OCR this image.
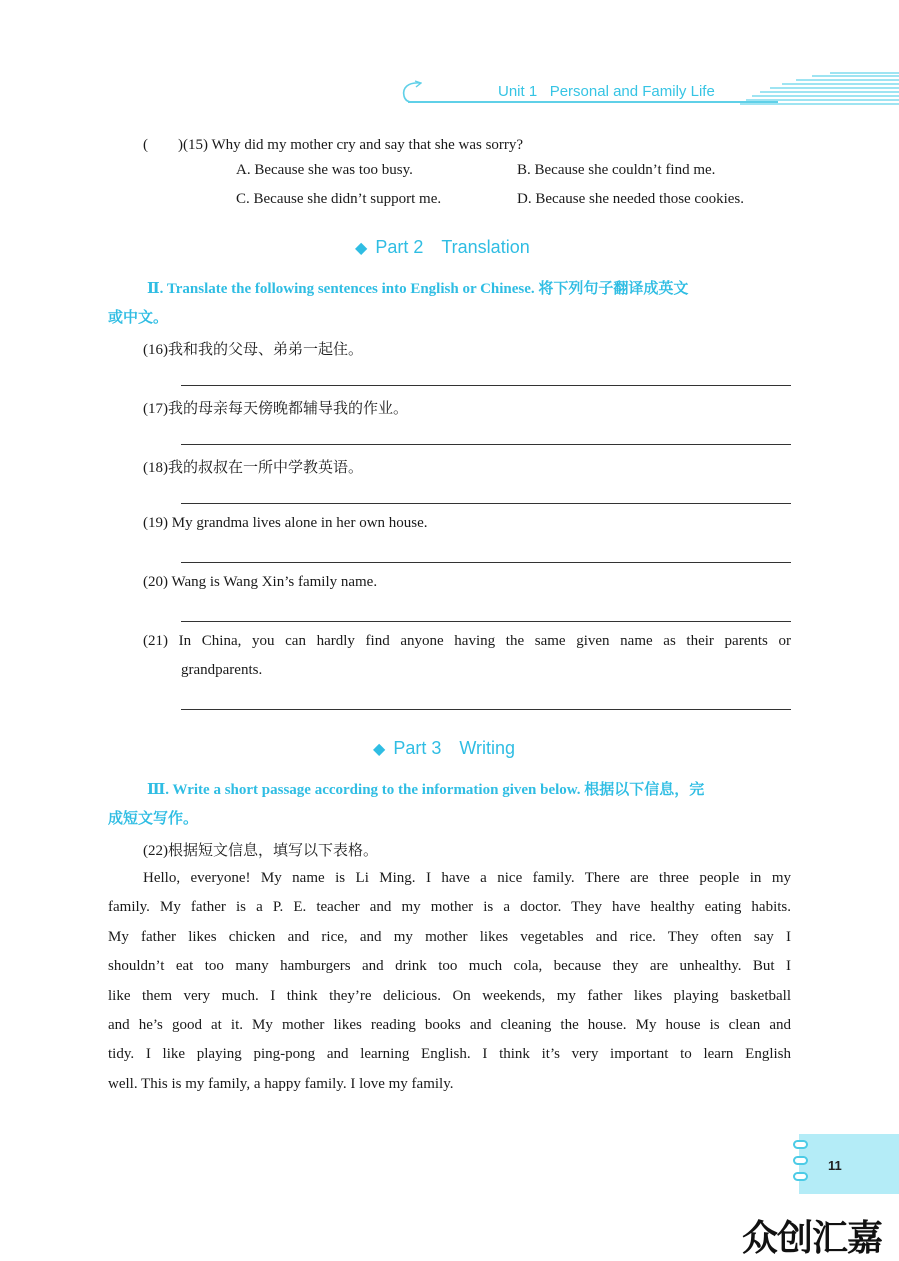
Unit 1 Personal and Family Life
(　　)(15) Why did my mother cry and say that she was sorry?
A. Because she was too busy.	B. Because she couldn’t find me.
C. Because she didn’t support me.	D. Because she needed those cookies.
◆ Part 2　Translation
Ⅱ. Translate the following sentences into English or Chinese. 将下列句子翻译成英文
或中文。
(16)我和我的父母、弟弟一起住。
(17)我的母亲每天傍晚都辅导我的作业。
(18)我的叔叔在一所中学教英语。
(19) My grandma lives alone in her own house.
(20) Wang is Wang Xin’s family name.
(21) In China, you can hardly find anyone having the same given name as their parents or
grandparents.
◆ Part 3　Writing
Ⅲ. Write a short passage according to the information given below. 根据以下信息，完
成短文写作。
(22)根据短文信息，填写以下表格。
Hello, everyone! My name is Li Ming. I have a nice family. There are three people in my
family. My father is a P. E. teacher and my mother is a doctor. They have healthy eating habits.
My father likes chicken and rice, and my mother likes vegetables and rice. They often say I
shouldn’t eat too many hamburgers and drink too much cola, because they are unhealthy. But I
like them very much. I think they’re delicious. On weekends, my father likes playing basketball
and he’s good at it. My mother likes reading books and cleaning the house. My house is clean and
tidy. I like playing ping-pong and learning English. I think it’s very important to learn English
well. This is my family, a happy family. I love my family.
11
众创汇嘉
